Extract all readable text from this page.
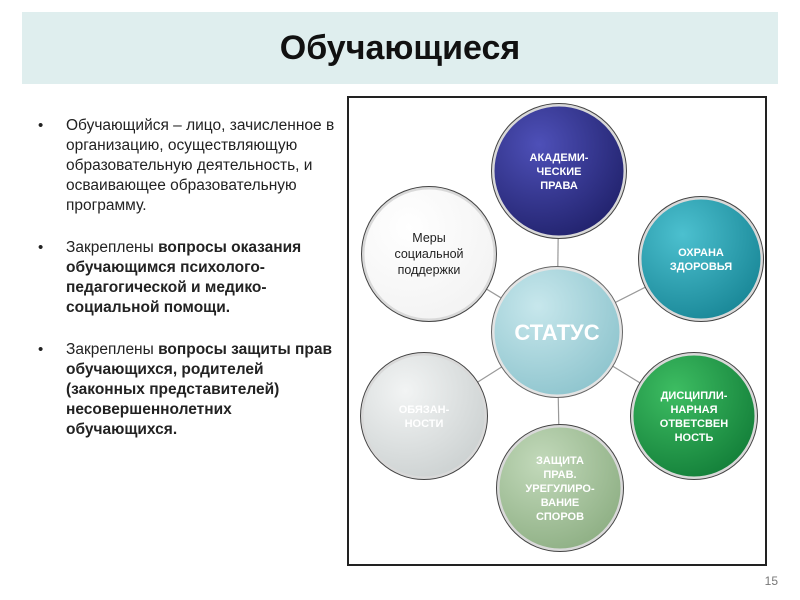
Обучающиеся
• Обучающийся – лицо, зачисленное в организацию, осуществляющую образовательную деятельность, и осваивающее образовательную программу.
• Закреплены вопросы оказания обучающимся психолого-педагогической и медико-социальной помощи.
• Закреплены вопросы защиты прав обучающихся, родителей (законных представителей) несовершеннолетних обучающихся.
АКАДЕМИ-
ЧЕСКИЕ
ПРАВА
ОХРАНА
ЗДОРОВЬЯ
ДИСЦИПЛИ-
НАРНАЯ
ОТВЕТСВЕН
НОСТЬ
ЗАЩИТА
ПРАВ.
УРЕГУЛИРО-
ВАНИЕ
СПОРОВ
ОБЯЗАН-
НОСТИ
Меры
социальной
поддержки
СТАТУС
15
